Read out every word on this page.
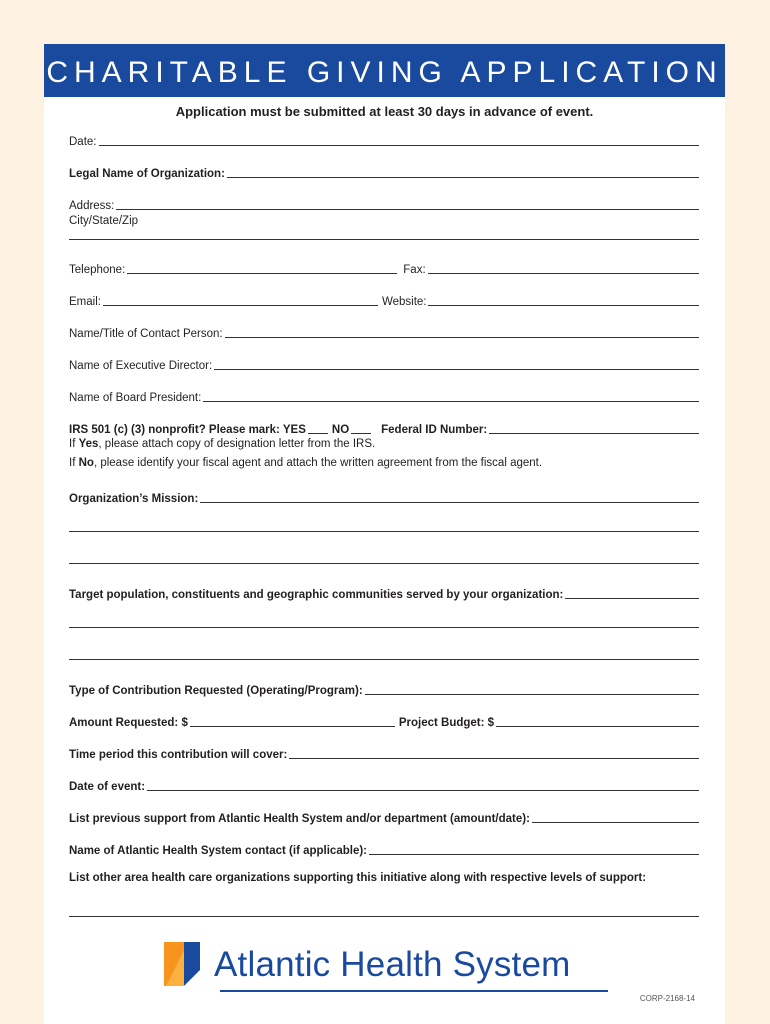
CHARITABLE GIVING APPLICATION
Application must be submitted at least 30 days in advance of event.
Date:
Legal Name of Organization:
Address:
City/State/Zip
Telephone:	Fax:
Email:	Website:
Name/Title of Contact Person:
Name of Executive Director:
Name of Board President:
IRS 501 (c) (3) nonprofit? Please mark: YES NO	Federal ID Number:
If Yes, please attach copy of designation letter from the IRS.
If No, please identify your fiscal agent and attach the written agreement from the fiscal agent.
Organization’s Mission:
Target population, constituents and geographic communities served by your organization:
Type of Contribution Requested (Operating/Program):
Amount Requested: $	Project Budget: $
Time period this contribution will cover:
Date of event:
List previous support from Atlantic Health System and/or department (amount/date):
Name of Atlantic Health System contact (if applicable):
List other area health care organizations supporting this initiative along with respective levels of support:
Atlantic Health System
CORP-2168-14
